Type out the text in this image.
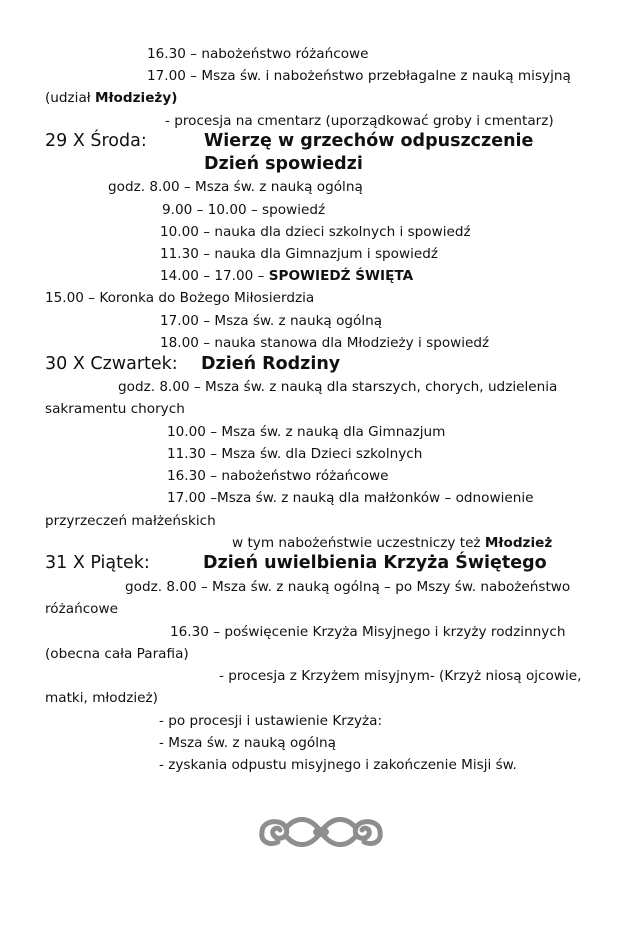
16.30 – nabożeństwo różańcowe
17.00 – Msza św. i nabożeństwo przebłagalne z nauką misyjną
(udział Młodzieży)
- procesja na cmentarz (uporządkować groby i cmentarz)
29 X Środa:	Wierzę w grzechów odpuszczenie
Dzień spowiedzi
godz. 8.00 – Msza św. z nauką ogólną
9.00 – 10.00 – spowiedź
10.00 – nauka dla dzieci szkolnych i spowiedź
11.30 – nauka dla Gimnazjum i spowiedź
14.00 – 17.00 – SPOWIEDŹ ŚWIĘTA
15.00 – Koronka do Bożego Miłosierdzia
17.00 – Msza św. z nauką ogólną
18.00 – nauka stanowa dla Młodzieży i spowiedź
30 X Czwartek: Dzień Rodziny
godz. 8.00 – Msza św. z nauką dla starszych, chorych, udzielenia
sakramentu chorych
10.00 – Msza św. z nauką dla Gimnazjum
11.30 – Msza św. dla Dzieci szkolnych
16.30 – nabożeństwo różańcowe
17.00 –Msza św. z nauką dla małżonków – odnowienie
przyrzeczeń małżeńskich
w tym nabożeństwie uczestniczy też Młodzież
31 X Piątek:	Dzień uwielbienia Krzyża Świętego
godz. 8.00 – Msza św. z nauką ogólną – po Mszy św. nabożeństwo
różańcowe
16.30 – poświęcenie Krzyża Misyjnego i krzyży rodzinnych
(obecna cała Parafia)
- procesja z Krzyżem misyjnym- (Krzyż niosą ojcowie,
matki, młodzież)
- po procesji i ustawienie Krzyża:
- Msza św. z nauką ogólną
- zyskania odpustu misyjnego i zakończenie Misji św.
